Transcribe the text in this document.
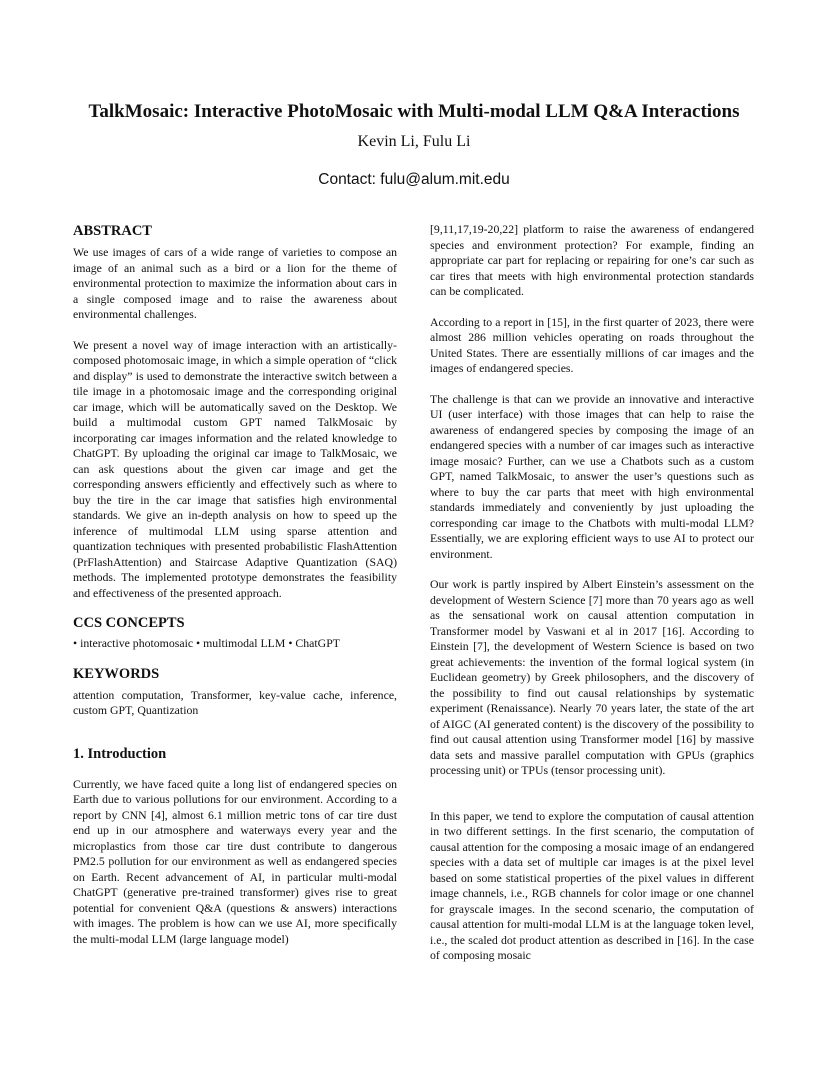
TalkMosaic: Interactive PhotoMosaic with Multi-modal LLM Q&A Interactions
Kevin Li, Fulu Li
Contact: fulu@alum.mit.edu
ABSTRACT

We use images of cars of a wide range of varieties to compose an image of an animal such as a bird or a lion for the theme of environmental protection to maximize the information about cars in a single composed image and to raise the awareness about environmental challenges.

We present a novel way of image interaction with an artistically-composed photomosaic image, in which a simple operation of “click and display” is used to demonstrate the interactive switch between a tile image in a photomosaic image and the corresponding original car image, which will be automatically saved on the Desktop. We build a multimodal custom GPT named TalkMosaic by incorporating car images information and the related knowledge to ChatGPT. By uploading the original car image to TalkMosaic, we can ask questions about the given car image and get the corresponding answers efficiently and effectively such as where to buy the tire in the car image that satisfies high environmental standards. We give an in-depth analysis on how to speed up the inference of multimodal LLM using sparse attention and quantization techniques with presented probabilistic FlashAttention (PrFlashAttention) and Staircase Adaptive Quantization (SAQ) methods. The implemented prototype demonstrates the feasibility and effectiveness of the presented approach.

CCS CONCEPTS

• interactive photomosaic • multimodal LLM • ChatGPT

KEYWORDS

attention computation, Transformer, key-value cache, inference, custom GPT, Quantization

1. Introduction

Currently, we have faced quite a long list of endangered species on Earth due to various pollutions for our environment. According to a report by CNN [4], almost 6.1 million metric tons of car tire dust end up in our atmosphere and waterways every year and the microplastics from those car tire dust contribute to dangerous PM2.5 pollution for our environment as well as endangered species on Earth. Recent advancement of AI, in particular multi-modal ChatGPT (generative pre-trained transformer) gives rise to great potential for convenient Q&A (questions & answers) interactions with images. The problem is how can we use AI, more specifically the multi-modal LLM (large language model)

[9,11,17,19-20,22] platform to raise the awareness of endangered species and environment protection? For example, finding an appropriate car part for replacing or repairing for one’s car such as car tires that meets with high environmental protection standards can be complicated.

According to a report in [15], in the first quarter of 2023, there were almost 286 million vehicles operating on roads throughout the United States. There are essentially millions of car images and the images of endangered species.

The challenge is that can we provide an innovative and interactive UI (user interface) with those images that can help to raise the awareness of endangered species by composing the image of an endangered species with a number of car images such as interactive image mosaic? Further, can we use a Chatbots such as a custom GPT, named TalkMosaic, to answer the user’s questions such as where to buy the car parts that meet with high environmental standards immediately and conveniently by just uploading the corresponding car image to the Chatbots with multi-modal LLM? Essentially, we are exploring efficient ways to use AI to protect our environment.

Our work is partly inspired by Albert Einstein’s assessment on the development of Western Science [7] more than 70 years ago as well as the sensational work on causal attention computation in Transformer model by Vaswani et al in 2017 [16]. According to Einstein [7], the development of Western Science is based on two great achievements: the invention of the formal logical system (in Euclidean geometry) by Greek philosophers, and the discovery of the possibility to find out causal relationships by systematic experiment (Renaissance). Nearly 70 years later, the state of the art of AIGC (AI generated content) is the discovery of the possibility to find out causal attention using Transformer model [16] by massive data sets and massive parallel computation with GPUs (graphics processing unit) or TPUs (tensor processing unit).

In this paper, we tend to explore the computation of causal attention in two different settings. In the first scenario, the computation of causal attention for the composing a mosaic image of an endangered species with a data set of multiple car images is at the pixel level based on some statistical properties of the pixel values in different image channels, i.e., RGB channels for color image or one channel for grayscale images. In the second scenario, the computation of causal attention for multi-modal LLM is at the language token level, i.e., the scaled dot product attention as described in [16]. In the case of composing mosaic
